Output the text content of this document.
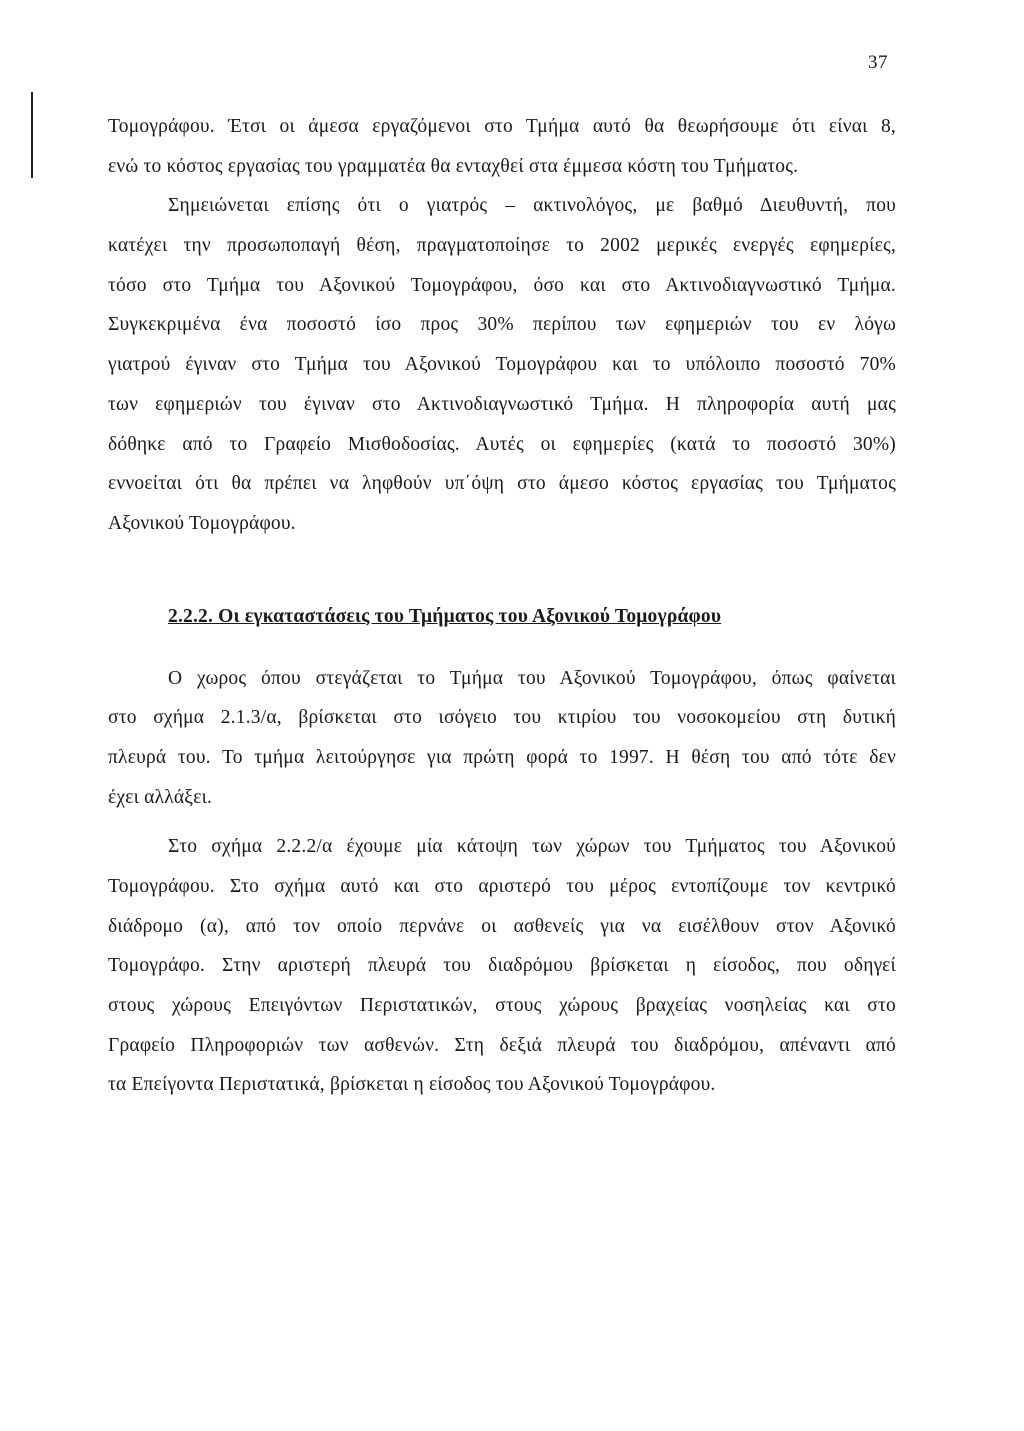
37
Τομογράφου. Έτσι οι άμεσα εργαζόμενοι στο Τμήμα αυτό θα θεωρήσουμε ότι είναι 8,
ενώ το κόστος εργασίας του γραμματέα θα ενταχθεί στα έμμεσα κόστη του Τμήματος.
Σημειώνεται επίσης ότι ο γιατρός – ακτινολόγος, με βαθμό Διευθυντή, που
κατέχει την προσωποπαγή θέση, πραγματοποίησε το 2002 μερικές ενεργές εφημερίες,
τόσο στο Τμήμα του Αξονικού Τομογράφου, όσο και στο Ακτινοδιαγνωστικό Τμήμα.
Συγκεκριμένα ένα ποσοστό ίσο προς 30% περίπου των εφημεριών του εν λόγω
γιατρού έγιναν στο Τμήμα του Αξονικού Τομογράφου και το υπόλοιπο ποσοστό 70%
των εφημεριών του έγιναν στο Ακτινοδιαγνωστικό Τμήμα. Η πληροφορία αυτή μας
δόθηκε από το Γραφείο Μισθοδοσίας. Αυτές οι εφημερίες (κατά το ποσοστό 30%)
εννοείται ότι θα πρέπει να ληφθούν υπ΄όψη στο άμεσο κόστος εργασίας του Τμήματος
Αξονικού Τομογράφου.
2.2.2. Οι εγκαταστάσεις του Τμήματος του Αξονικού Τομογράφου
Ο χωρος όπου στεγάζεται το Τμήμα του Αξονικού Τομογράφου, όπως φαίνεται
στο σχήμα 2.1.3/α, βρίσκεται στο ισόγειο του κτιρίου του νοσοκομείου στη δυτική
πλευρά του. Το τμήμα λειτούργησε για πρώτη φορά το 1997. Η θέση του από τότε δεν
έχει αλλάξει.
Στο σχήμα 2.2.2/α έχουμε μία κάτοψη των χώρων του Τμήματος του Αξονικού
Τομογράφου. Στο σχήμα αυτό και στο αριστερό του μέρος εντοπίζουμε τον κεντρικό
διάδρομο (α), από τον οποίο περνάνε οι ασθενείς για να εισέλθουν στον Αξονικό
Τομογράφο. Στην αριστερή πλευρά του διαδρόμου βρίσκεται η είσοδος, που οδηγεί
στους χώρους Επειγόντων Περιστατικών, στους χώρους βραχείας νοσηλείας και στο
Γραφείο Πληροφοριών των ασθενών. Στη δεξιά πλευρά του διαδρόμου, απέναντι από
τα Επείγοντα Περιστατικά, βρίσκεται η είσοδος του Αξονικού Τομογράφου.
